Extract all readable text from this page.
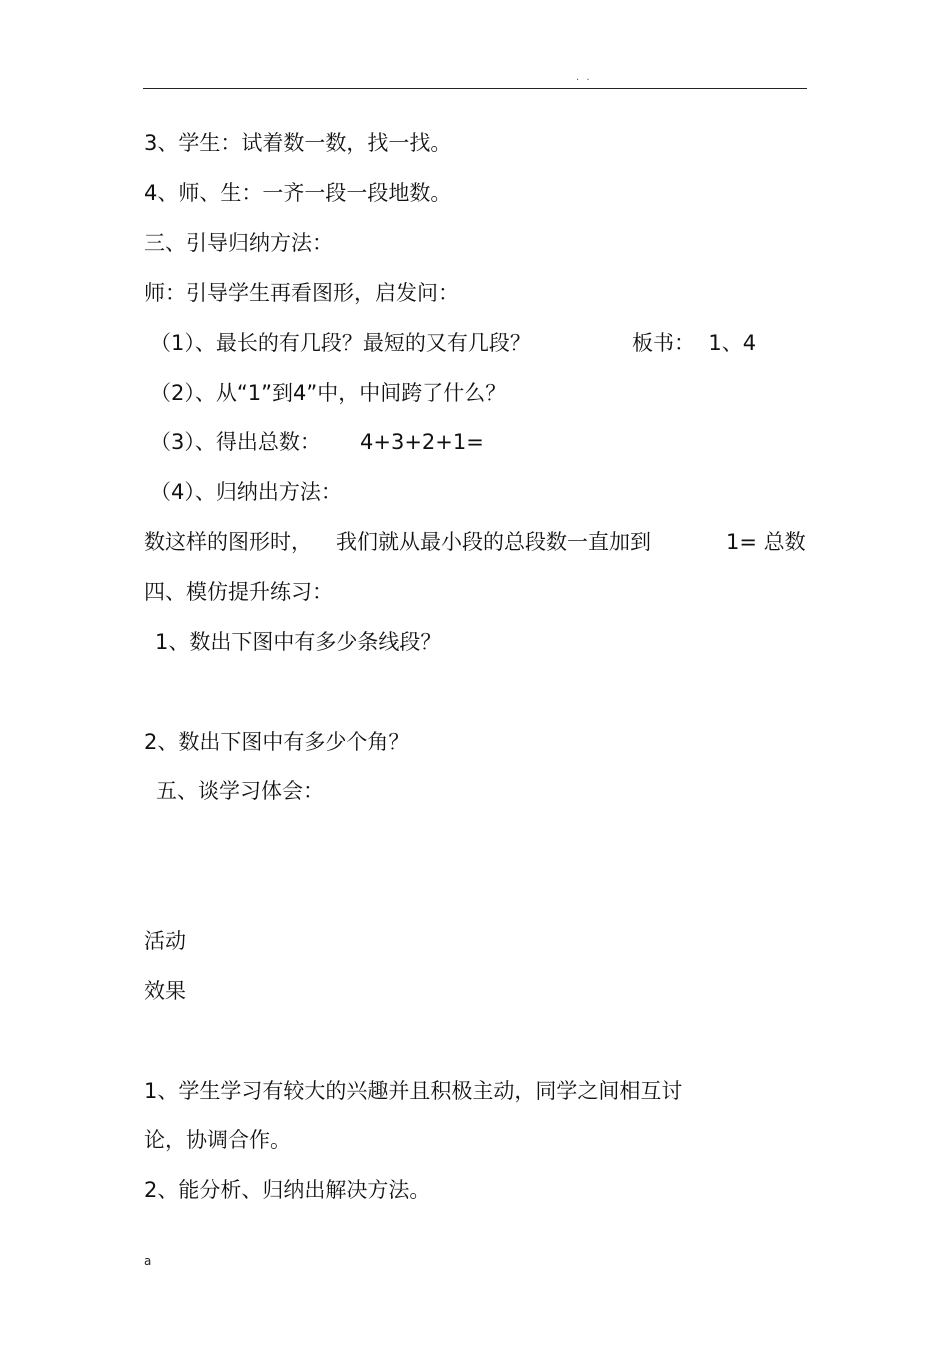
. .
3、学生：试着数一数，找一找。
4、师、生：一齐一段一段地数。
三、引导归纳方法：
师：引导学生再看图形，启发问：
（1）、最长的有几段？最短的又有几段？	板书：  1、4
（2）、从“1”到4”中，中间跨了什么？
（3）、得出总数： 4+3+2+1=
（4）、归纳出方法：
数这样的图形时， 我们就从最小段的总段数一直加到	1= 总数
四、模仿提升练习：
1、数出下图中有多少条线段？
2、数出下图中有多少个角？
五、谈学习体会：
活动
效果
1、学生学习有较大的兴趣并且积极主动，同学之间相互讨
论，协调合作。
2、能分析、归纳出解决方法。
a
